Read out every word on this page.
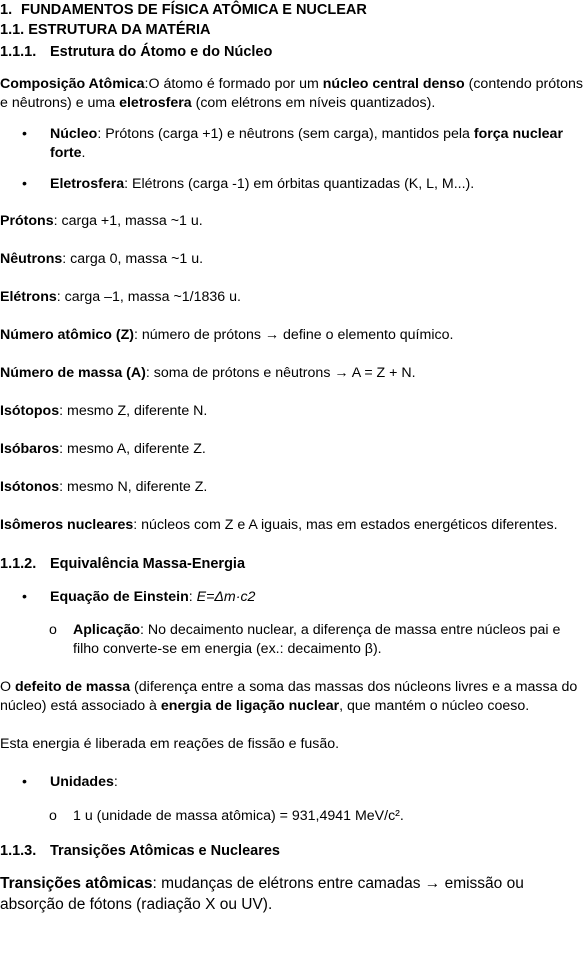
1. FUNDAMENTOS DE FÍSICA ATÔMICA E NUCLEAR
1.1. ESTRUTURA DA MATÉRIA
1.1.1. Estrutura do Átomo e do Núcleo

Composição Atômica:O átomo é formado por um núcleo central denso (contendo prótons e nêutrons) e uma eletrosfera (com elétrons em níveis quantizados).

• Núcleo: Prótons (carga +1) e nêutrons (sem carga), mantidos pela força nuclear forte.
• Eletrosfera: Elétrons (carga -1) em órbitas quantizadas (K, L, M...).

Prótons: carga +1, massa ~1 u.

Nêutrons: carga 0, massa ~1 u.

Elétrons: carga –1, massa ~1/1836 u.

Número atômico (Z): número de prótons → define o elemento químico.

Número de massa (A): soma de prótons e nêutrons → A = Z + N.

Isótopos: mesmo Z, diferente N.

Isóbaros: mesmo A, diferente Z.

Isótonos: mesmo N, diferente Z.

Isômeros nucleares: núcleos com Z e A iguais, mas em estados energéticos diferentes.

1.1.2. Equivalência Massa-Energia
• Equação de Einstein: E=Δm·c2
o Aplicação: No decaimento nuclear, a diferença de massa entre núcleos pai e filho converte-se em energia (ex.: decaimento β).

O defeito de massa (diferença entre a soma das massas dos núcleons livres e a massa do núcleo) está associado à energia de ligação nuclear, que mantém o núcleo coeso.

Esta energia é liberada em reações de fissão e fusão.

• Unidades:
o 1 u (unidade de massa atômica) = 931,4941 MeV/c².
1.1.3. Transições Atômicas e Nucleares

Transições atômicas: mudanças de elétrons entre camadas → emissão ou absorção de fótons (radiação X ou UV).
